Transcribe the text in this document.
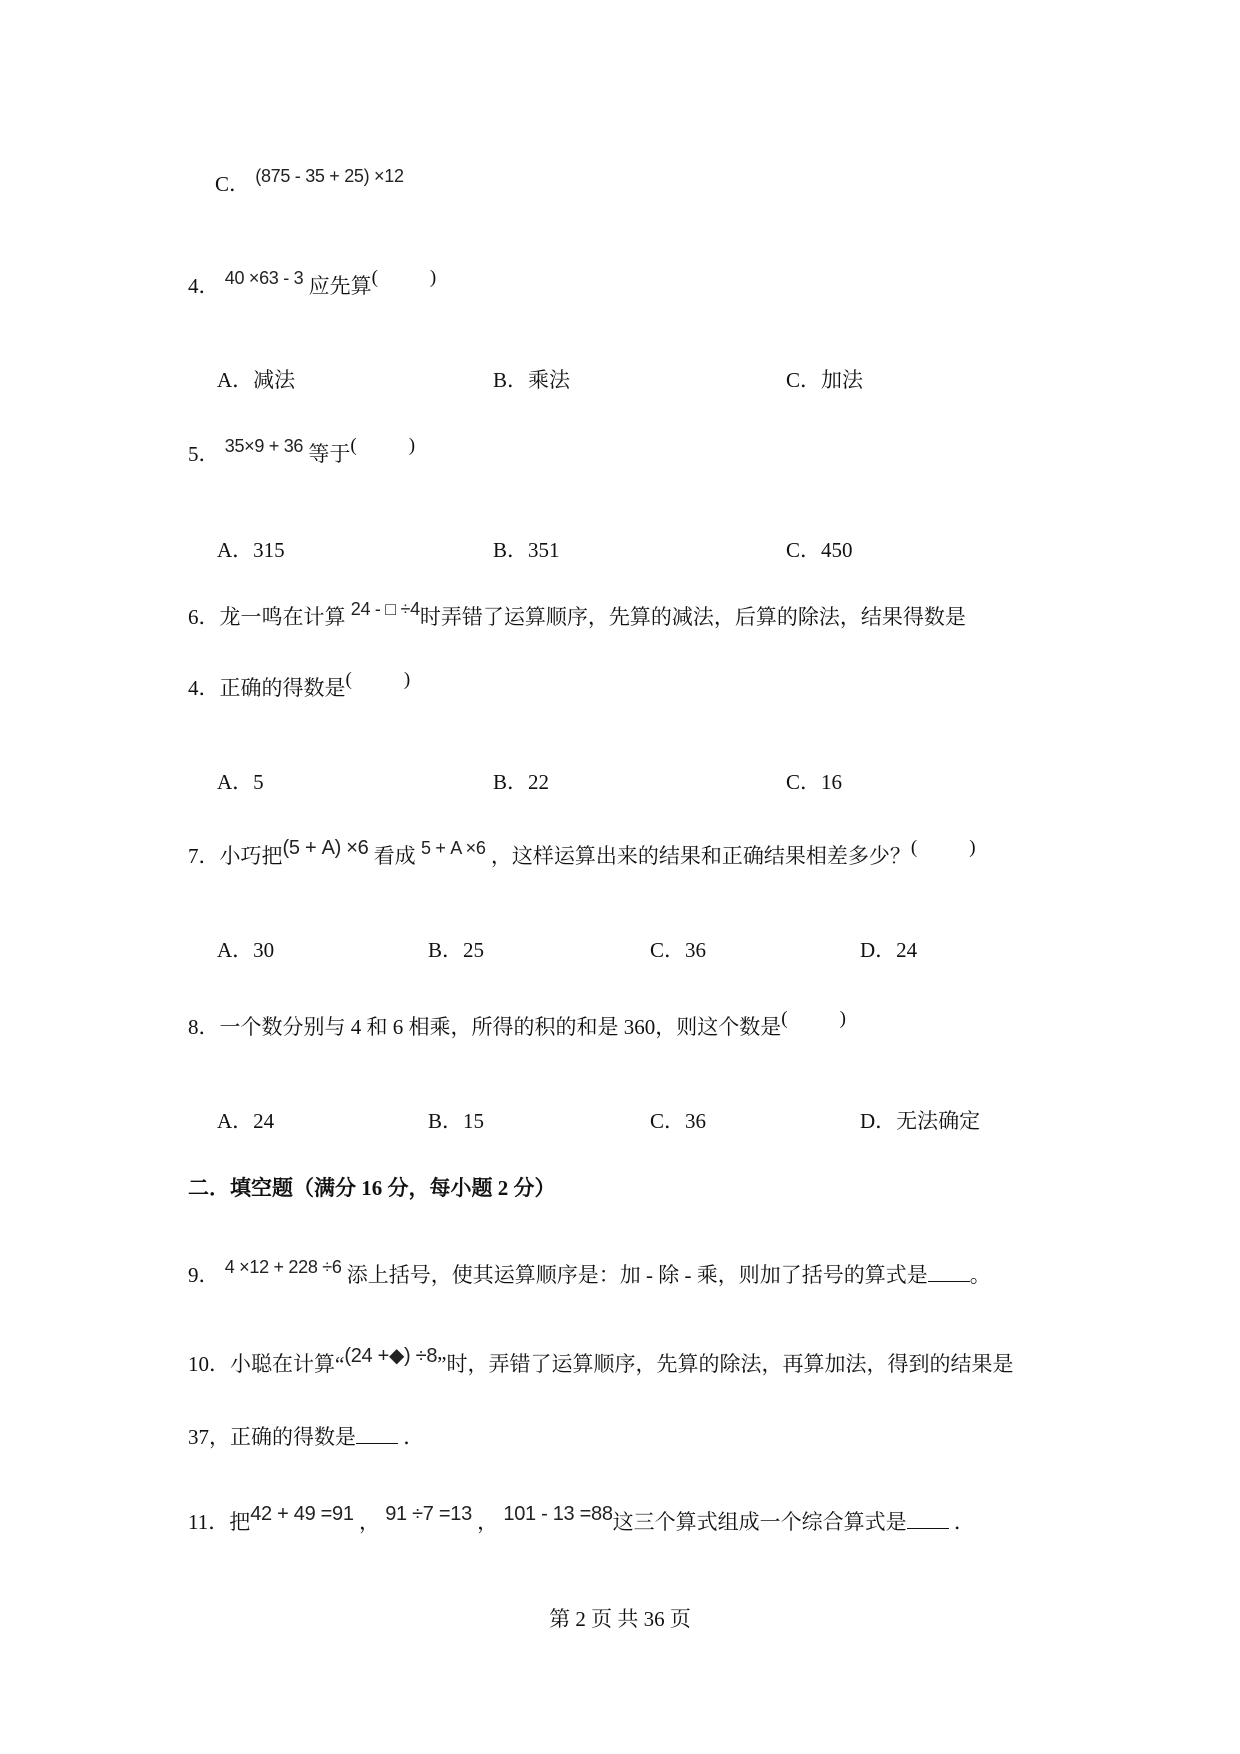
C． (875 - 35 + 25) ×12
4． 40 ×63 - 3 应先算(	)
A．减法	B．乘法	C．加法
5． 35×9 + 36 等于(	)
A．315	B．351	C．450
6．龙一鸣在计算 24 - □ ÷4时弄错了运算顺序，先算的减法，后算的除法，结果得数是
4．正确的得数是(	)
A．5	B．22	C．16
7．小巧把(5 + A) ×6 看成 5 + A ×6 ，这样运算出来的结果和正确结果相差多少？(	)
A．30	B．25	C．36	D．24
8．一个数分别与 4 和 6 相乘，所得的积的和是 360，则这个数是(	)
A．24	B．15	C．36	D．无法确定
二．填空题（满分 16 分，每小题 2 分）
9． 4 ×12 + 228 ÷6 添上括号，使其运算顺序是：加 - 除 - 乘，则加了括号的算式是 。
10．小聪在计算“(24 +◆) ÷8”时，弄错了运算顺序，先算的除法，再算加法，得到的结果是
37，正确的得数是 ．
11．把42 + 49 =91 ， 91 ÷7 =13 ， 101 - 13 =88这三个算式组成一个综合算式是 ．
第 2 页 共 36 页
